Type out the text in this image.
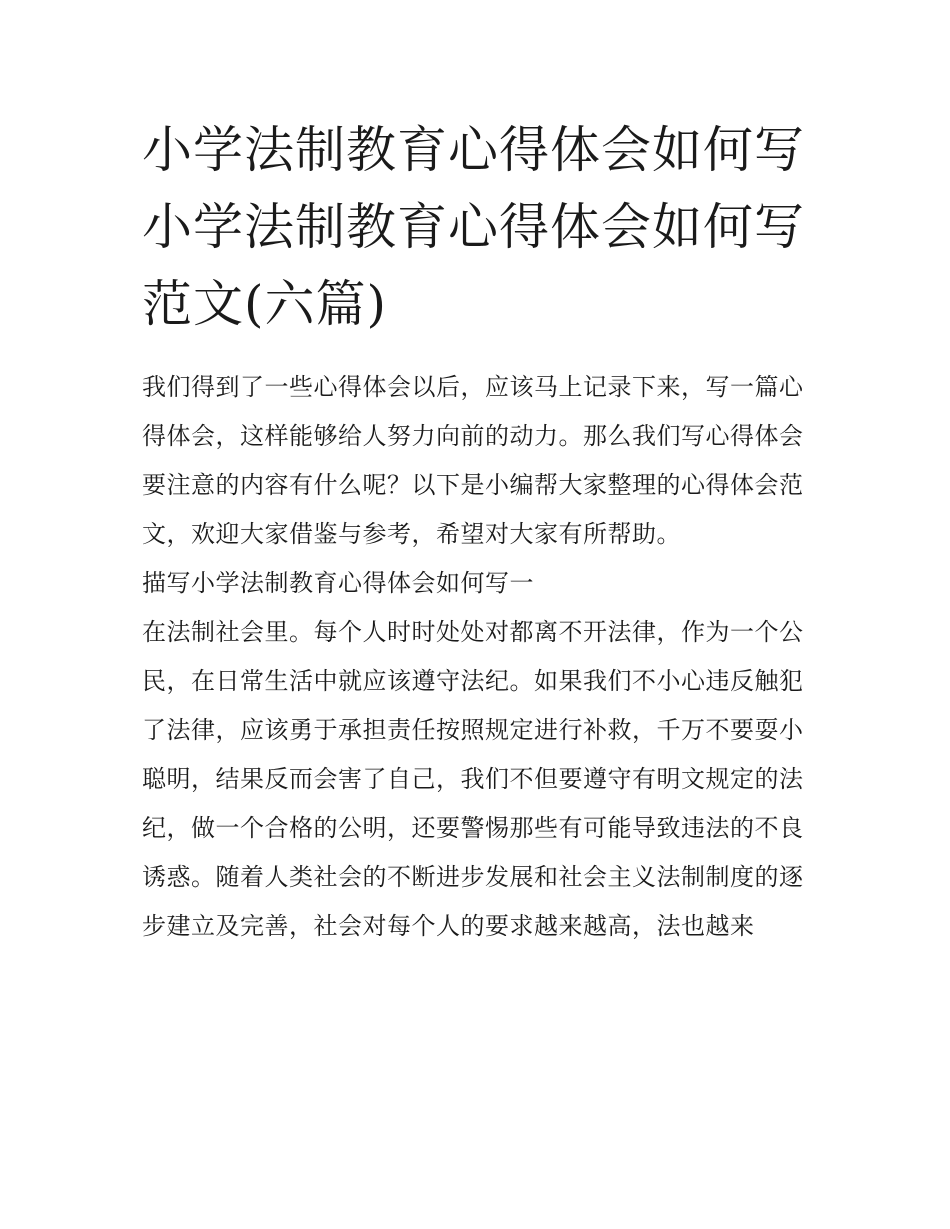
小学法制教育心得体会如何写
小学法制教育心得体会如何写
范文(六篇)

我们得到了一些心得体会以后，应该马上记录下来，写一篇心
得体会，这样能够给人努力向前的动力。那么我们写心得体会
要注意的内容有什么呢？以下是小编帮大家整理的心得体会范
文，欢迎大家借鉴与参考，希望对大家有所帮助。

描写小学法制教育心得体会如何写一

在法制社会里。每个人时时处处对都离不开法律，作为一个公
民，在日常生活中就应该遵守法纪。如果我们不小心违反触犯
了法律，应该勇于承担责任按照规定进行补救，千万不要耍小
聪明，结果反而会害了自己，我们不但要遵守有明文规定的法
纪，做一个合格的公明，还要警惕那些有可能导致违法的不良
诱惑。随着人类社会的不断进步发展和社会主义法制制度的逐
步建立及完善，社会对每个人的要求越来越高，法也越来
